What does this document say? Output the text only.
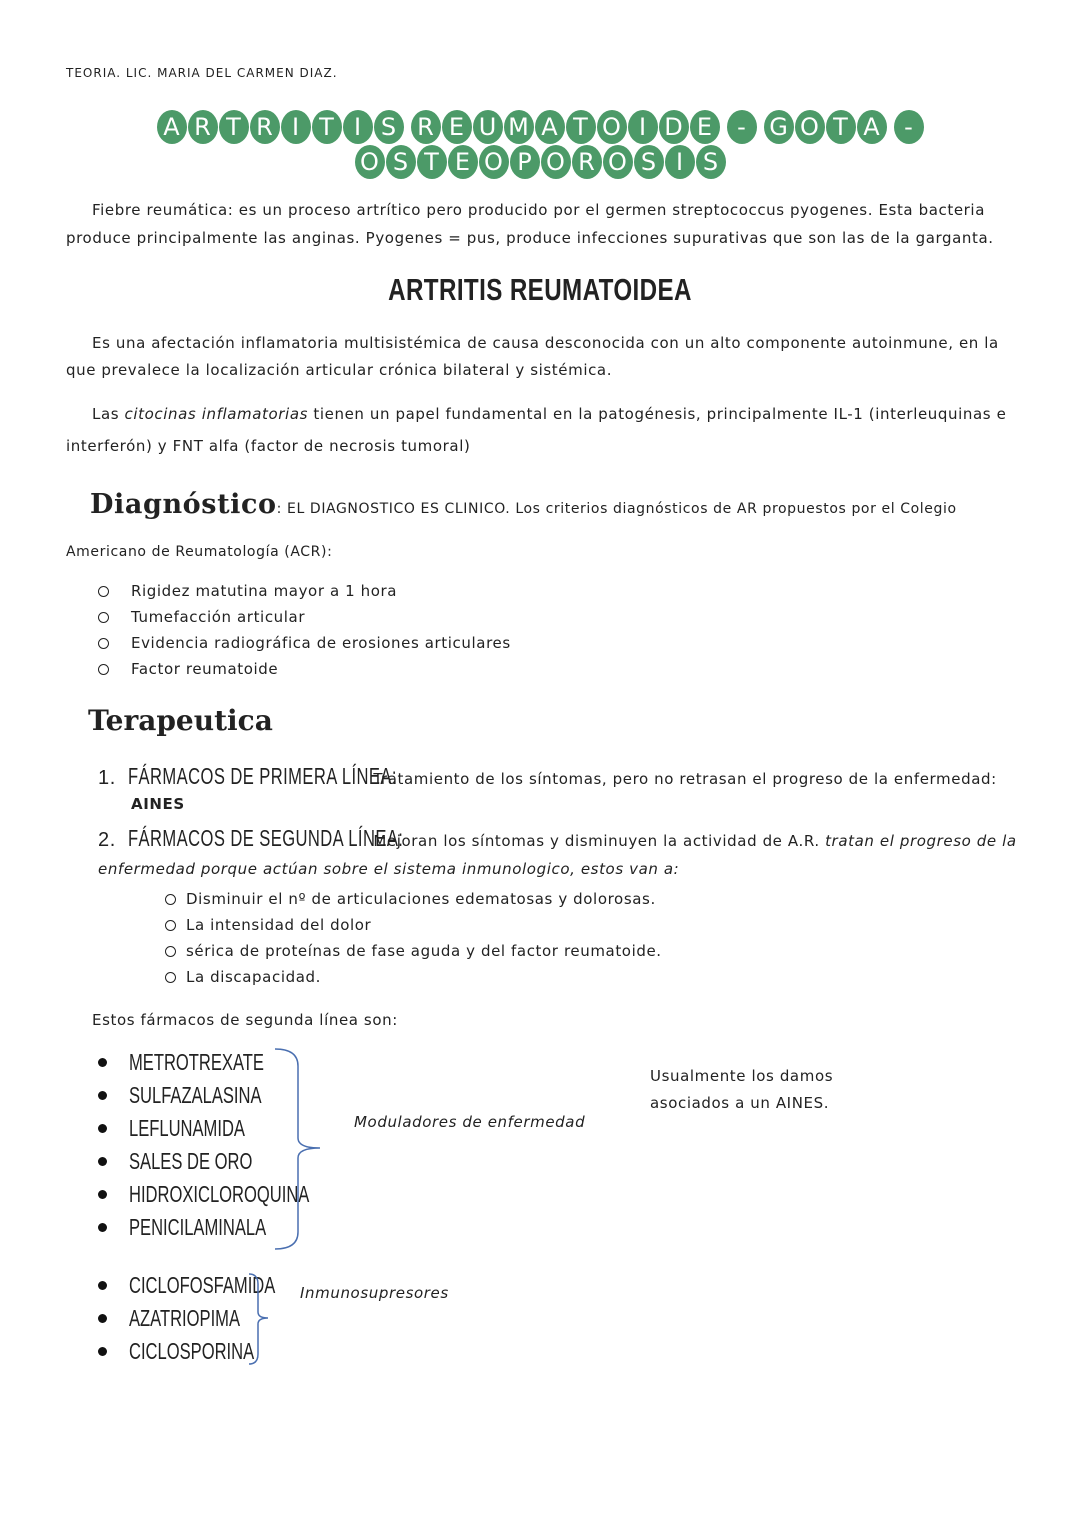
TEORIA. LIC. MARIA DEL CARMEN DIAZ.
A R T R I T I S R E U M A T O I D E - G O T A -
O S T E O P O R O S I S
Fiebre reumática: es un proceso artrítico pero producido por el germen streptococcus pyogenes. Esta bacteria produce principalmente las anginas. Pyogenes = pus, produce infecciones supurativas que son las de la garganta.
ARTRITIS REUMATOIDEA
Es una afectación inflamatoria multisistémica de causa desconocida con un alto componente autoinmune, en la que prevalece la localización articular crónica bilateral y sistémica.
Las citocinas inflamatorias tienen un papel fundamental en la patogénesis, principalmente IL-1 (interleuquinas e interferón) y FNT alfa (factor de necrosis tumoral)
Diagnóstico: EL DIAGNOSTICO ES CLINICO. Los criterios diagnósticos de AR propuestos por el Colegio Americano de Reumatología (ACR):
Rigidez matutina mayor a 1 hora
Tumefacción articular
Evidencia radiográfica de erosiones articulares
Factor reumatoide
Terapeutica
1. FÁRMACOS DE PRIMERA LÍNEA: Tratamiento de los síntomas, pero no retrasan el progreso de la enfermedad:
AINES
2. FÁRMACOS DE SEGUNDA LÍNEA: Mejoran los síntomas y disminuyen la actividad de A.R. tratan el progreso de la enfermedad porque actúan sobre el sistema inmunologico, estos van a:
Disminuir el nº de articulaciones edematosas y dolorosas.
La intensidad del dolor
sérica de proteínas de fase aguda y del factor reumatoide.
La discapacidad.
Estos fármacos de segunda línea son:
METROTREXATE
SULFAZALASINA
LEFLUNAMIDA
SALES DE ORO
HIDROXICLOROQUINA
PENICILAMINALA
Moduladores de enfermedad
CICLOFOSFAMIDA
AZATRIOPIMA
CICLOSPORINA
Inmunosupresores
Usualmente los damos asociados a un AINES.
